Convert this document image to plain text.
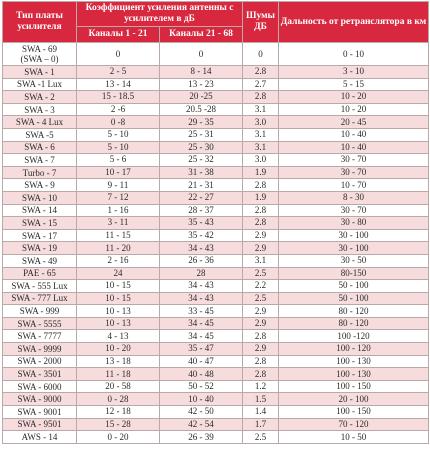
Тип платы усилителя	Коэффициент усиления антенны с усилителем в дБ		Шумы ДБ	Дальность от ретранслятора в км
	Каналы 1 - 21	Каналы 21 - 68		

SWA - 69
(SWA – 0)	0	0	0	0 - 10

SWA - 1	2 - 5	8 - 14	2.8	3 - 10

SWA -1 Lux	13 - 14	13 - 23	2.7	5 - 15

SWA - 2	15 - 18.5	20 -25	2.8	10 - 20

SWA - 3	2 -6	20.5 -28	3.1	10 - 20

SWA - 4 Lux	0 -8	29 - 35	3.0	20 - 45

SWA -5	5 - 10	25 - 31	3.1	10 - 40

SWA - 6	5 - 10	25 - 30	3.1	10 - 40

SWA - 7	5 - 6	25 - 32	3.0	30 - 70

Turbo - 7	10 - 17	31 - 38	1.9	30 - 70

SWA - 9	9 - 11	21 - 31	2.8	10 - 70

SWA - 10	7 - 12	22 - 27	1.9	8 - 30

SWA - 14	1 - 16	28 - 37	2.8	30 - 70

SWA - 15	3 - 11	35 - 43	2.8	30 - 80

SWA - 17	11 - 15	35 - 42	2.9	30 - 100

SWA - 19	11 - 20	34 - 43	2.9	30 - 100

SWA - 49	2 - 16	26 - 36	3.1	30 - 50

PAE - 65	24	28	2.5	80-150

SWA - 555 Lux	10 - 15	34 - 43	2.2	50 - 100

SWA - 777 Lux	10 - 15	34 - 43	2.5	50 - 100

SWA - 999	10 - 13	33 - 45	2.9	80 - 120

SWA - 5555	10 - 13	34 - 45	2.9	80 - 120

SWA - 7777	4 - 13	34 - 45	2.8	100 -120

SWA - 9999	10 - 20	35 - 47	2.9	100 - 120

SWA - 2000	13 - 18	40 - 47	2.8	100 - 130

SWA - 3501	11 - 18	40 - 48	2.8	100 - 130

SWA - 6000	20 - 58	50 - 52	1.2	100 - 150

SWA - 9000	0 - 28	10 - 40	1.5	20 - 100

SWA - 9001	12 - 18	42 - 50	1.4	100 - 150

SWA - 9501	15 - 28	42 - 54	1.7	70 - 120

AWS - 14	0 - 20	26 - 39	2.5	10 - 50
